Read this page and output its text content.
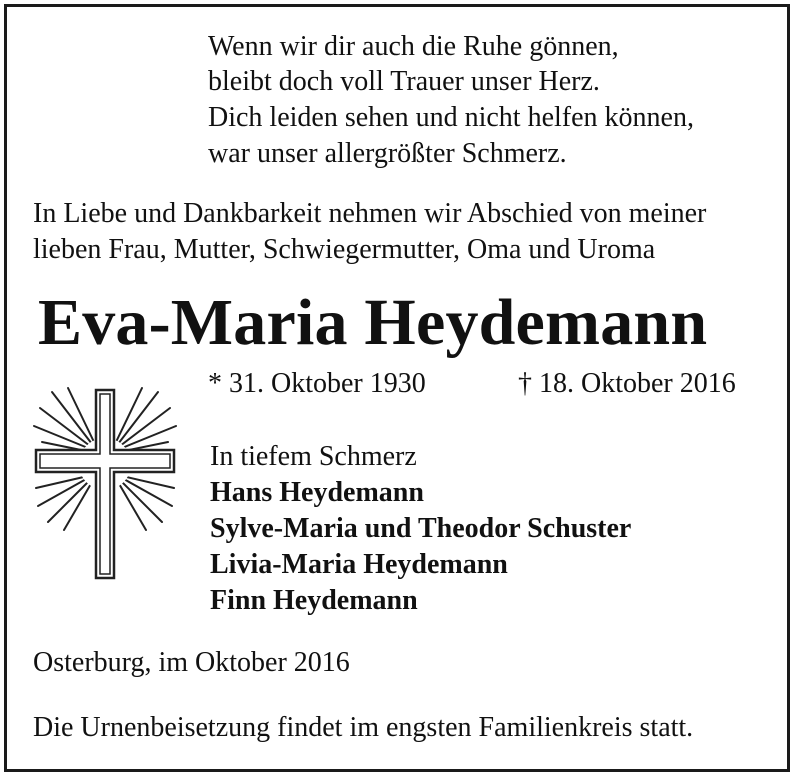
Wenn wir dir auch die Ruhe gönnen,
bleibt doch voll Trauer unser Herz.
Dich leiden sehen und nicht helfen können,
war unser allergrößter Schmerz.
In Liebe und Dankbarkeit nehmen wir Abschied von meiner
lieben Frau, Mutter, Schwiegermutter, Oma und Uroma
Eva-Maria Heydemann
* 31. Oktober 1930	† 18. Oktober 2016
In tiefem Schmerz
Hans Heydemann
Sylve-Maria und Theodor Schuster
Livia-Maria Heydemann
Finn Heydemann
Osterburg, im Oktober 2016
Die Urnenbeisetzung findet im engsten Familienkreis statt.
